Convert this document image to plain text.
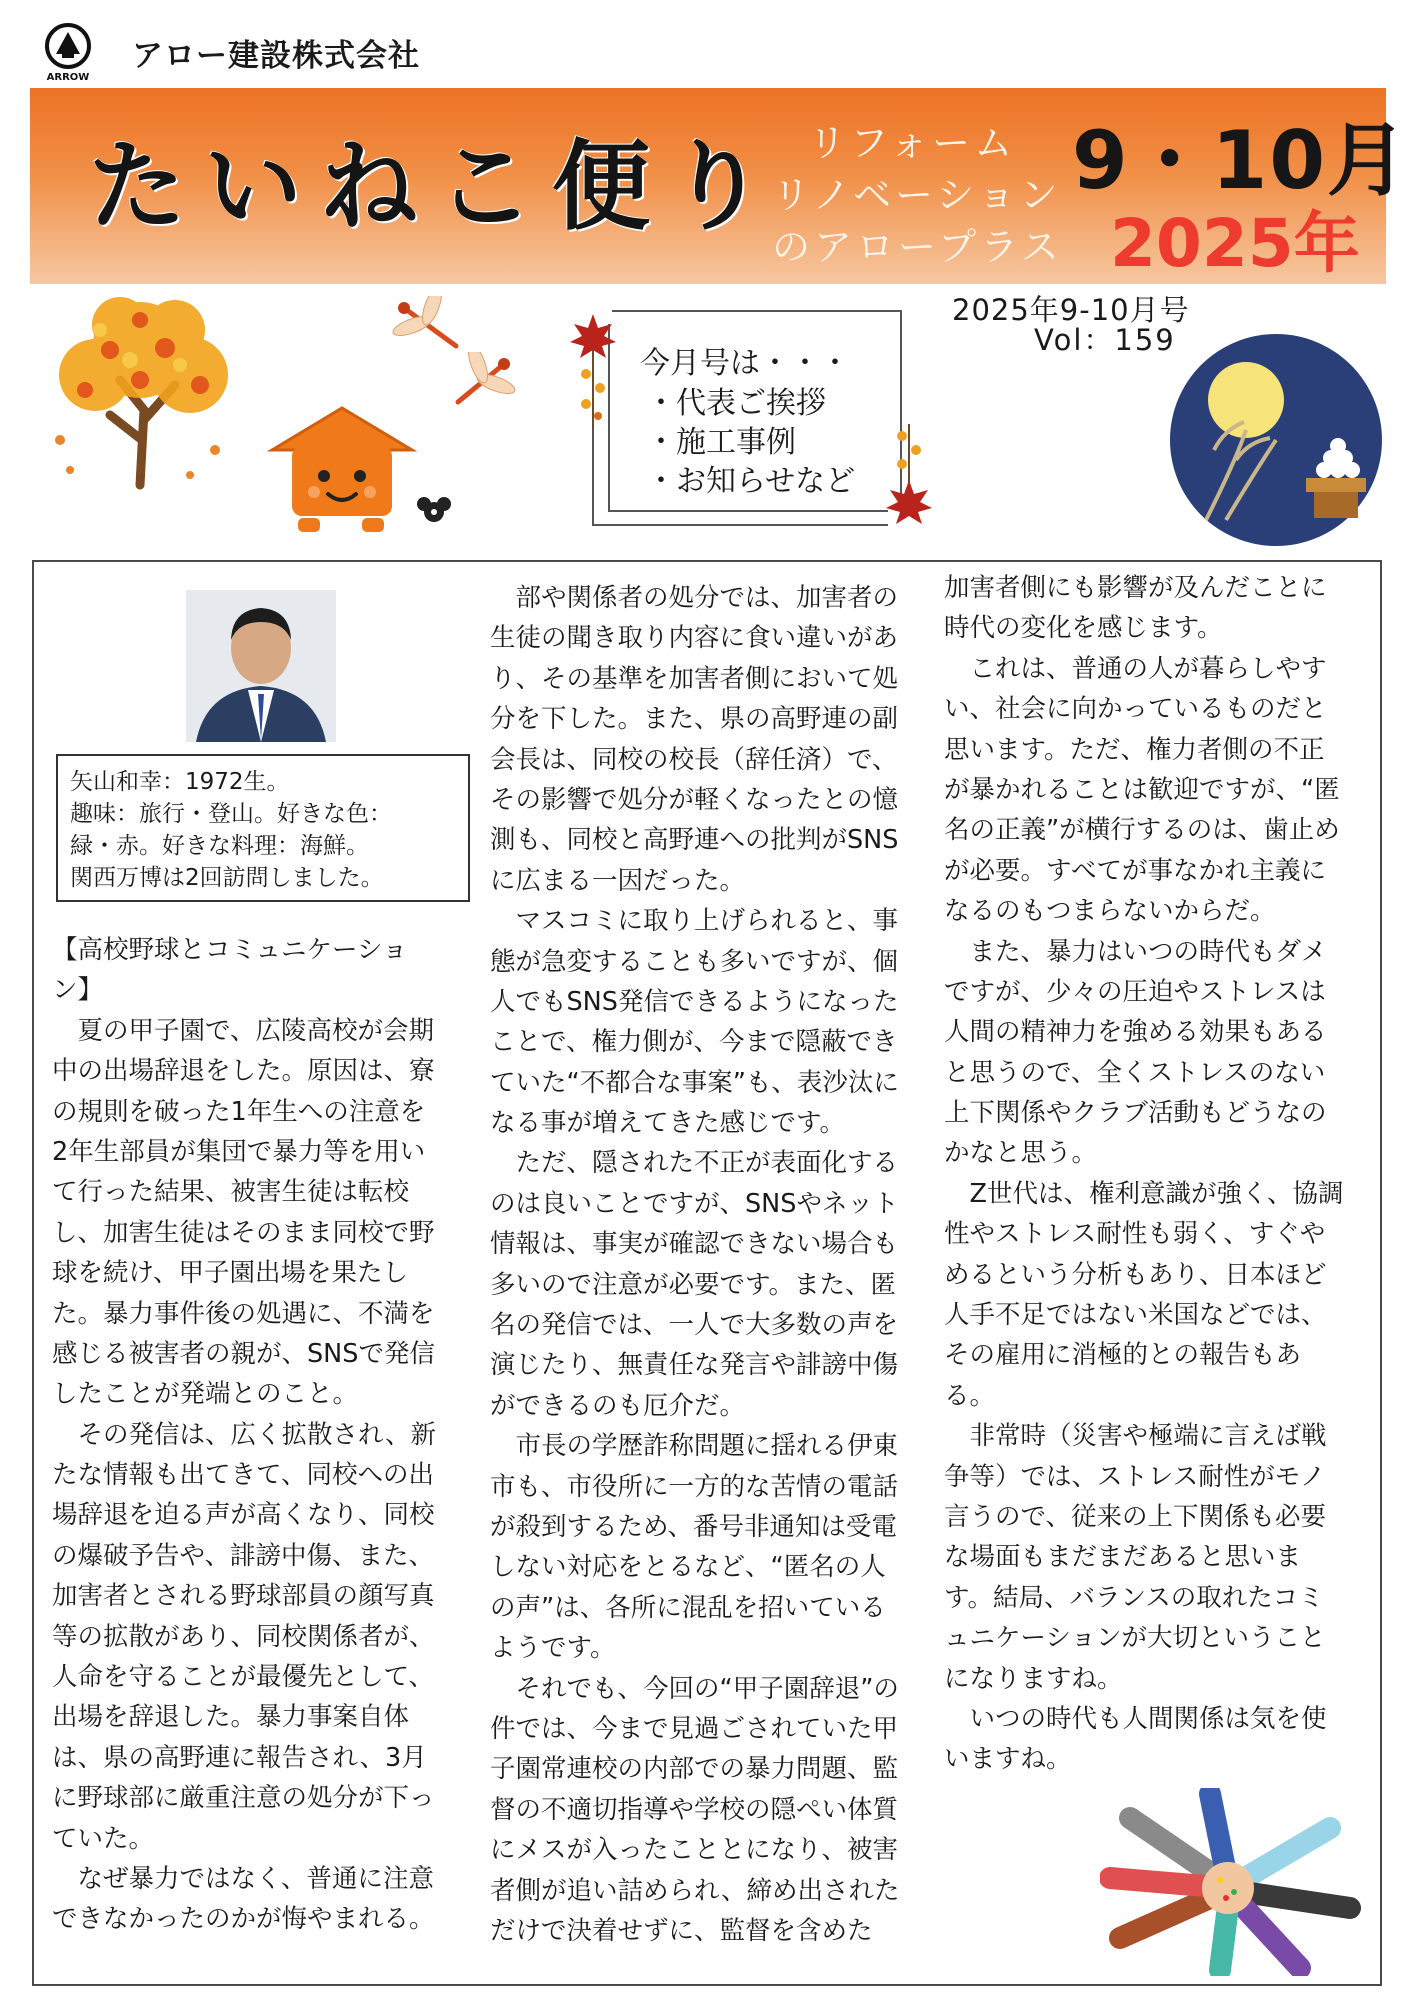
ARROW
アロー建設株式会社
たいねこ便り リフォーム
リノベーション
のアロープラス
9・10月
2025年
今月号は・・・
・代表ご挨拶
・施工事例
・お知らせなど
2025年9-10月号
Vol：159
矢山和幸：1972生。
趣味：旅行・登山。好きな色：
緑・赤。好きな料理：海鮮。
関西万博は2回訪問しました。
【高校野球とコミュニケーショ
ン】
　夏の甲子園で、広陵高校が会期
中の出場辞退をした。原因は、寮
の規則を破った1年生への注意を
2年生部員が集団で暴力等を用い
て行った結果、被害生徒は転校
し、加害生徒はそのまま同校で野
球を続け、甲子園出場を果たし
た。暴力事件後の処遇に、不満を
感じる被害者の親が、SNSで発信
したことが発端とのこと。
　その発信は、広く拡散され、新
たな情報も出てきて、同校への出
場辞退を迫る声が高くなり、同校
の爆破予告や、誹謗中傷、また、
加害者とされる野球部員の顔写真
等の拡散があり、同校関係者が、
人命を守ることが最優先として、
出場を辞退した。暴力事案自体
は、県の高野連に報告され、3月
に野球部に厳重注意の処分が下っ
ていた。
　なぜ暴力ではなく、普通に注意
できなかったのかが悔やまれる。
　部や関係者の処分では、加害者の
生徒の聞き取り内容に食い違いがあ
り、その基準を加害者側において処
分を下した。また、県の高野連の副
会長は、同校の校長（辞任済）で、
その影響で処分が軽くなったとの憶
測も、同校と高野連への批判がSNS
に広まる一因だった。
　マスコミに取り上げられると、事
態が急変することも多いですが、個
人でもSNS発信できるようになった
ことで、権力側が、今まで隠蔽でき
ていた“不都合な事案”も、表沙汰に
なる事が増えてきた感じです。
　ただ、隠された不正が表面化する
のは良いことですが、SNSやネット
情報は、事実が確認できない場合も
多いので注意が必要です。また、匿
名の発信では、一人で大多数の声を
演じたり、無責任な発言や誹謗中傷
ができるのも厄介だ。
　市長の学歴詐称問題に揺れる伊東
市も、市役所に一方的な苦情の電話
が殺到するため、番号非通知は受電
しない対応をとるなど、“匿名の人
の声”は、各所に混乱を招いている
ようです。
　それでも、今回の“甲子園辞退”の
件では、今まで見過ごされていた甲
子園常連校の内部での暴力問題、監
督の不適切指導や学校の隠ぺい体質
にメスが入ったこととになり、被害
者側が追い詰められ、締め出された
だけで決着せずに、監督を含めた
加害者側にも影響が及んだことに
時代の変化を感じます。
　これは、普通の人が暮らしやす
い、社会に向かっているものだと
思います。ただ、権力者側の不正
が暴かれることは歓迎ですが、“匿
名の正義”が横行するのは、歯止め
が必要。すべてが事なかれ主義に
なるのもつまらないからだ。
　また、暴力はいつの時代もダメ
ですが、少々の圧迫やストレスは
人間の精神力を強める効果もある
と思うので、全くストレスのない
上下関係やクラブ活動もどうなの
かなと思う。
　Z世代は、権利意識が強く、協調
性やストレス耐性も弱く、すぐや
めるという分析もあり、日本ほど
人手不足ではない米国などでは、
その雇用に消極的との報告もあ
る。
　非常時（災害や極端に言えば戦
争等）では、ストレス耐性がモノ
言うので、従来の上下関係も必要
な場面もまだまだあると思いま
す。結局、バランスの取れたコミ
ュニケーションが大切ということ
になりますね。
　いつの時代も人間関係は気を使
いますね。
